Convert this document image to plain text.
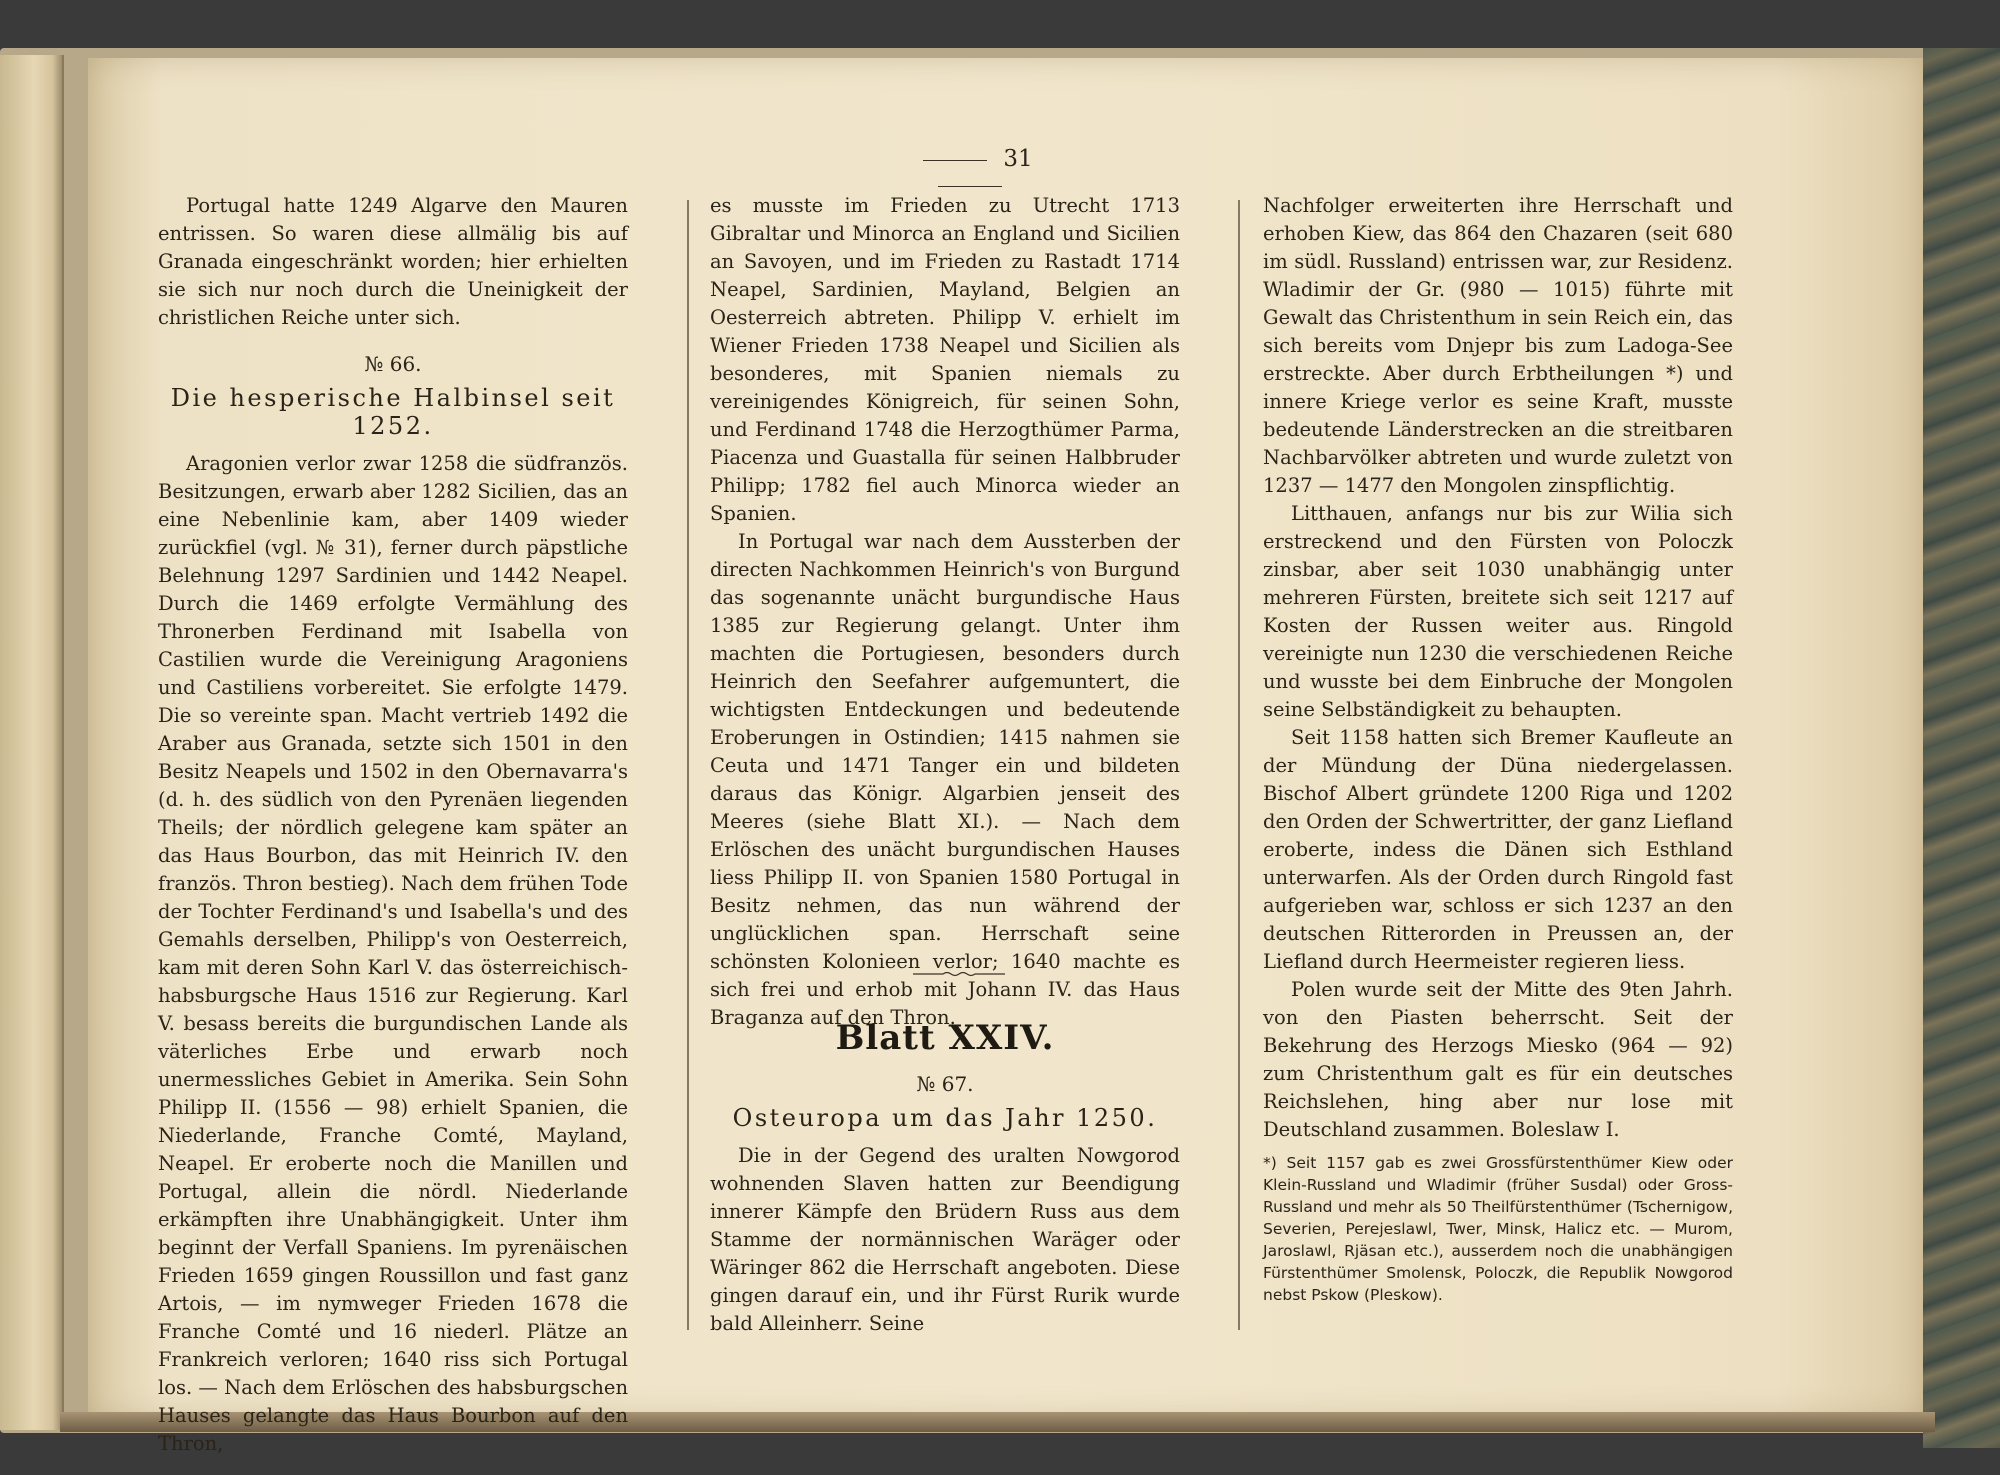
31

Portugal hatte 1249 Algarve den Mauren entrissen. So waren diese allmälig bis auf Granada eingeschränkt worden; hier erhielten sie sich nur noch durch die Uneinigkeit der christlichen Reiche unter sich.

№ 66.

Die hesperische Halbinsel seit 1252.

Aragonien verlor zwar 1258 die südfranzös. Besitzungen, erwarb aber 1282 Sicilien, das an eine Nebenlinie kam, aber 1409 wieder zurückfiel (vgl. № 31), ferner durch päpstliche Belehnung 1297 Sardinien und 1442 Neapel. Durch die 1469 erfolgte Vermählung des Thronerben Ferdinand mit Isabella von Castilien wurde die Vereinigung Aragoniens und Castiliens vorbereitet. Sie erfolgte 1479. Die so vereinte span. Macht vertrieb 1492 die Araber aus Granada, setzte sich 1501 in den Besitz Neapels und 1502 in den Obernavarra's (d. h. des südlich von den Pyrenäen liegenden Theils; der nördlich gelegene kam später an das Haus Bourbon, das mit Heinrich IV. den französ. Thron bestieg). Nach dem frühen Tode der Tochter Ferdinand's und Isabella's und des Gemahls derselben, Philipp's von Oesterreich, kam mit deren Sohn Karl V. das österreichisch-habsburgsche Haus 1516 zur Regierung. Karl V. besass bereits die burgundischen Lande als väterliches Erbe und erwarb noch unermessliches Gebiet in Amerika. Sein Sohn Philipp II. (1556 — 98) erhielt Spanien, die Niederlande, Franche Comté, Mayland, Neapel. Er eroberte noch die Manillen und Portugal, allein die nördl. Niederlande erkämpften ihre Unabhängigkeit. Unter ihm beginnt der Verfall Spaniens. Im pyrenäischen Frieden 1659 gingen Roussillon und fast ganz Artois, — im nymweger Frieden 1678 die Franche Comté und 16 niederl. Plätze an Frankreich verloren; 1640 riss sich Portugal los. — Nach dem Erlöschen des habsburgschen Hauses gelangte das Haus Bourbon auf den Thron,

es musste im Frieden zu Utrecht 1713 Gibraltar und Minorca an England und Sicilien an Savoyen, und im Frieden zu Rastadt 1714 Neapel, Sardinien, Mayland, Belgien an Oesterreich abtreten. Philipp V. erhielt im Wiener Frieden 1738 Neapel und Sicilien als besonderes, mit Spanien niemals zu vereinigendes Königreich, für seinen Sohn, und Ferdinand 1748 die Herzogthümer Parma, Piacenza und Guastalla für seinen Halbbruder Philipp; 1782 fiel auch Minorca wieder an Spanien.

In Portugal war nach dem Aussterben der directen Nachkommen Heinrich's von Burgund das sogenannte unächt burgundische Haus 1385 zur Regierung gelangt. Unter ihm machten die Portugiesen, besonders durch Heinrich den Seefahrer aufgemuntert, die wichtigsten Entdeckungen und bedeutende Eroberungen in Ostindien; 1415 nahmen sie Ceuta und 1471 Tanger ein und bildeten daraus das Königr. Algarbien jenseit des Meeres (siehe Blatt XI.). — Nach dem Erlöschen des unächt burgundischen Hauses liess Philipp II. von Spanien 1580 Portugal in Besitz nehmen, das nun während der unglücklichen span. Herrschaft seine schönsten Kolonieen verlor; 1640 machte es sich frei und erhob mit Johann IV. das Haus Braganza auf den Thron.

Blatt XXIV.

№ 67.

Osteuropa um das Jahr 1250.

Die in der Gegend des uralten Nowgorod wohnenden Slaven hatten zur Beendigung innerer Kämpfe den Brüdern Russ aus dem Stamme der normännischen Waräger oder Wäringer 862 die Herrschaft angeboten. Diese gingen darauf ein, und ihr Fürst Rurik wurde bald Alleinherr. Seine

Nachfolger erweiterten ihre Herrschaft und erhoben Kiew, das 864 den Chazaren (seit 680 im südl. Russland) entrissen war, zur Residenz. Wladimir der Gr. (980 — 1015) führte mit Gewalt das Christenthum in sein Reich ein, das sich bereits vom Dnjepr bis zum Ladoga-See erstreckte. Aber durch Erbtheilungen *) und innere Kriege verlor es seine Kraft, musste bedeutende Länderstrecken an die streitbaren Nachbarvölker abtreten und wurde zuletzt von 1237 — 1477 den Mongolen zinspflichtig.

Litthauen, anfangs nur bis zur Wilia sich erstreckend und den Fürsten von Poloczk zinsbar, aber seit 1030 unabhängig unter mehreren Fürsten, breitete sich seit 1217 auf Kosten der Russen weiter aus. Ringold vereinigte nun 1230 die verschiedenen Reiche und wusste bei dem Einbruche der Mongolen seine Selbständigkeit zu behaupten.

Seit 1158 hatten sich Bremer Kaufleute an der Mündung der Düna niedergelassen. Bischof Albert gründete 1200 Riga und 1202 den Orden der Schwertritter, der ganz Liefland eroberte, indess die Dänen sich Esthland unterwarfen. Als der Orden durch Ringold fast aufgerieben war, schloss er sich 1237 an den deutschen Ritterorden in Preussen an, der Liefland durch Heermeister regieren liess.

Polen wurde seit der Mitte des 9ten Jahrh. von den Piasten beherrscht. Seit der Bekehrung des Herzogs Miesko (964 — 92) zum Christenthum galt es für ein deutsches Reichslehen, hing aber nur lose mit Deutschland zusammen. Boleslaw I.

*) Seit 1157 gab es zwei Grossfürstenthümer Kiew oder Klein-Russland und Wladimir (früher Susdal) oder Gross-Russland und mehr als 50 Theilfürstenthümer (Tschernigow, Severien, Perejeslawl, Twer, Minsk, Halicz etc. — Murom, Jaroslawl, Rjäsan etc.), ausserdem noch die unabhängigen Fürstenthümer Smolensk, Poloczk, die Republik Nowgorod nebst Pskow (Pleskow).
